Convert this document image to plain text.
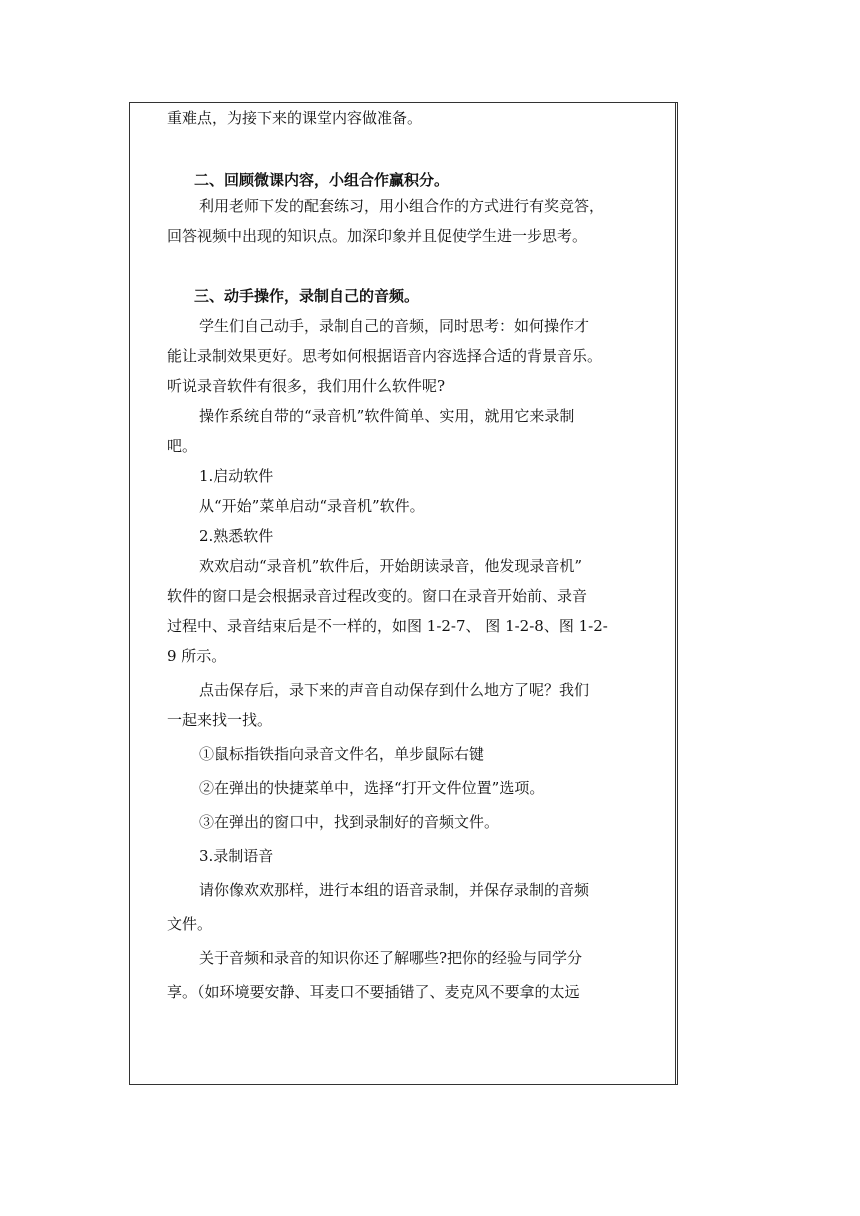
重难点，为接下来的课堂内容做准备。

二、回顾微课内容，小组合作赢积分。

利用老师下发的配套练习，用小组合作的方式进行有奖竞答，

回答视频中出现的知识点。加深印象并且促使学生进一步思考。

三、动手操作，录制自己的音频。

学生们自己动手，录制自己的音频，同时思考：如何操作才

能让录制效果更好。思考如何根据语音内容选择合适的背景音乐。

听说录音软件有很多，我们用什么软件呢?

操作系统自带的“录音机”软件简单、实用，就用它来录制

吧。

1.启动软件

从“开始”菜单启动“录音机”软件。

2.熟悉软件

欢欢启动“录音机”软件后，开始朗读录音，他发现录音机”

软件的窗口是会根据录音过程改变的。窗口在录音开始前、录音

过程中、录音结束后是不一样的，如图 1-2-7、 图 1-2-8、图 1-2-

9 所示。

点击保存后，录下来的声音自动保存到什么地方了呢？我们

一起来找一找。

①鼠标指铁指向录音文件名，单步鼠际右键

②在弹出的快捷菜单中，选择“打开文件位置”选项。

③在弹出的窗口中，找到录制好的音频文件。

3.录制语音

请你像欢欢那样，进行本组的语音录制，并保存录制的音频

文件。

关于音频和录音的知识你还了解哪些?把你的经验与同学分

享。（如环境要安静、耳麦口不要插错了、麦克风不要拿的太远
